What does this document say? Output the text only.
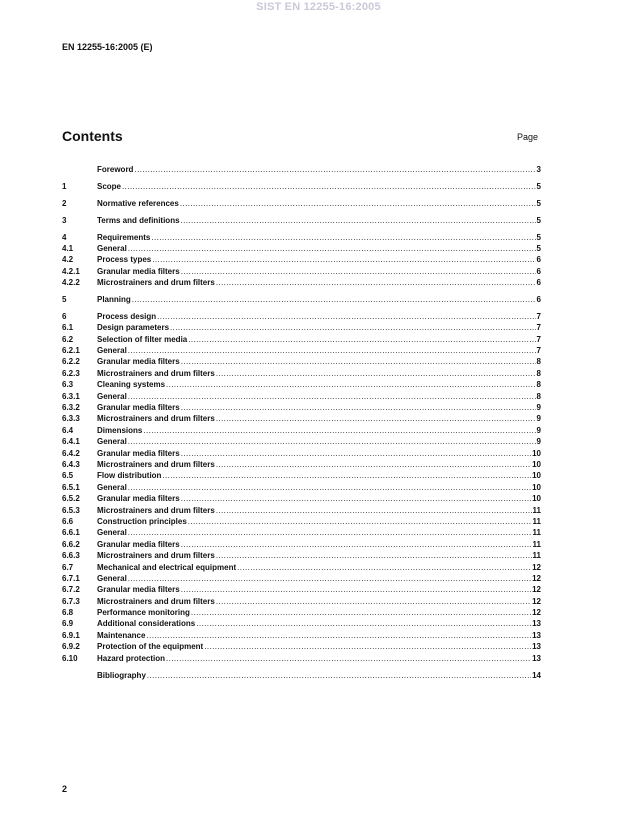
SIST EN 12255-16:2005
EN 12255-16:2005 (E)
Contents	Page
Foreword .....	3
1	Scope .....	5
2	Normative references .....	5
3	Terms and definitions .....	5
4	Requirements .....	5
4.1	General .....	5
4.2	Process types .....	6
4.2.1	Granular media filters .....	6
4.2.2	Microstrainers and drum filters .....	6
5	Planning .....	6
6	Process design .....	7
6.1	Design parameters .....	7
6.2	Selection of filter media .....	7
6.2.1	General .....	7
6.2.2	Granular media filters .....	8
6.2.3	Microstrainers and drum filters .....	8
6.3	Cleaning systems .....	8
6.3.1	General .....	8
6.3.2	Granular media filters .....	9
6.3.3	Microstrainers and drum filters .....	9
6.4	Dimensions .....	9
6.4.1	General .....	9
6.4.2	Granular media filters .....	10
6.4.3	Microstrainers and drum filters .....	10
6.5	Flow distribution .....	10
6.5.1	General .....	10
6.5.2	Granular media filters .....	10
6.5.3	Microstrainers and drum filters .....	11
6.6	Construction principles .....	11
6.6.1	General .....	11
6.6.2	Granular media filters .....	11
6.6.3	Microstrainers and drum filters .....	11
6.7	Mechanical and electrical equipment .....	12
6.7.1	General .....	12
6.7.2	Granular media filters .....	12
6.7.3	Microstrainers and drum filters .....	12
6.8	Performance monitoring .....	12
6.9	Additional considerations .....	13
6.9.1	Maintenance .....	13
6.9.2	Protection of the equipment .....	13
6.10	Hazard protection .....	13
Bibliography .....	14
2
